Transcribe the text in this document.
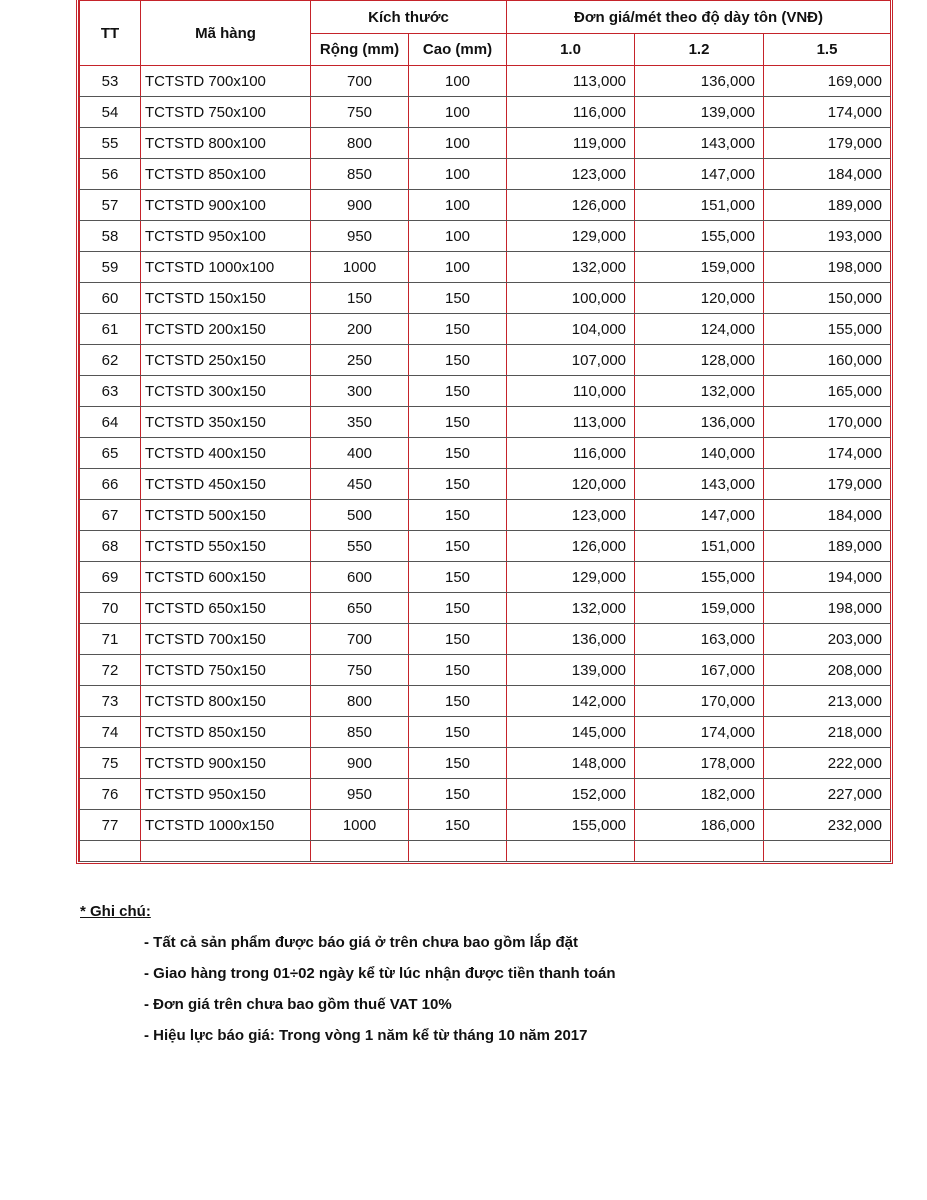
TT	Mã hàng	Kích thước		Đơn giá/mét theo độ dày tôn (VNĐ)		
		Rộng (mm)	Cao (mm)	1.0	1.2	1.5
53	TCTSTD 700x100	700	100	113,000	136,000	169,000
54	TCTSTD 750x100	750	100	116,000	139,000	174,000
55	TCTSTD 800x100	800	100	119,000	143,000	179,000
56	TCTSTD 850x100	850	100	123,000	147,000	184,000
57	TCTSTD 900x100	900	100	126,000	151,000	189,000
58	TCTSTD 950x100	950	100	129,000	155,000	193,000
59	TCTSTD 1000x100	1000	100	132,000	159,000	198,000
60	TCTSTD 150x150	150	150	100,000	120,000	150,000
61	TCTSTD 200x150	200	150	104,000	124,000	155,000
62	TCTSTD 250x150	250	150	107,000	128,000	160,000
63	TCTSTD 300x150	300	150	110,000	132,000	165,000
64	TCTSTD 350x150	350	150	113,000	136,000	170,000
65	TCTSTD 400x150	400	150	116,000	140,000	174,000
66	TCTSTD 450x150	450	150	120,000	143,000	179,000
67	TCTSTD 500x150	500	150	123,000	147,000	184,000
68	TCTSTD 550x150	550	150	126,000	151,000	189,000
69	TCTSTD 600x150	600	150	129,000	155,000	194,000
70	TCTSTD 650x150	650	150	132,000	159,000	198,000
71	TCTSTD 700x150	700	150	136,000	163,000	203,000
72	TCTSTD 750x150	750	150	139,000	167,000	208,000
73	TCTSTD 800x150	800	150	142,000	170,000	213,000
74	TCTSTD 850x150	850	150	145,000	174,000	218,000
75	TCTSTD 900x150	900	150	148,000	178,000	222,000
76	TCTSTD 950x150	950	150	152,000	182,000	227,000
77	TCTSTD 1000x150	1000	150	155,000	186,000	232,000

* Ghi chú:
- Tất cả sản phẩm được báo giá ở trên chưa bao gồm lắp đặt
- Giao hàng trong 01÷02 ngày kể từ lúc nhận được tiền thanh toán
- Đơn giá trên chưa bao gồm thuế VAT 10%
- Hiệu lực báo giá: Trong vòng 1 năm kể từ tháng 10 năm 2017
